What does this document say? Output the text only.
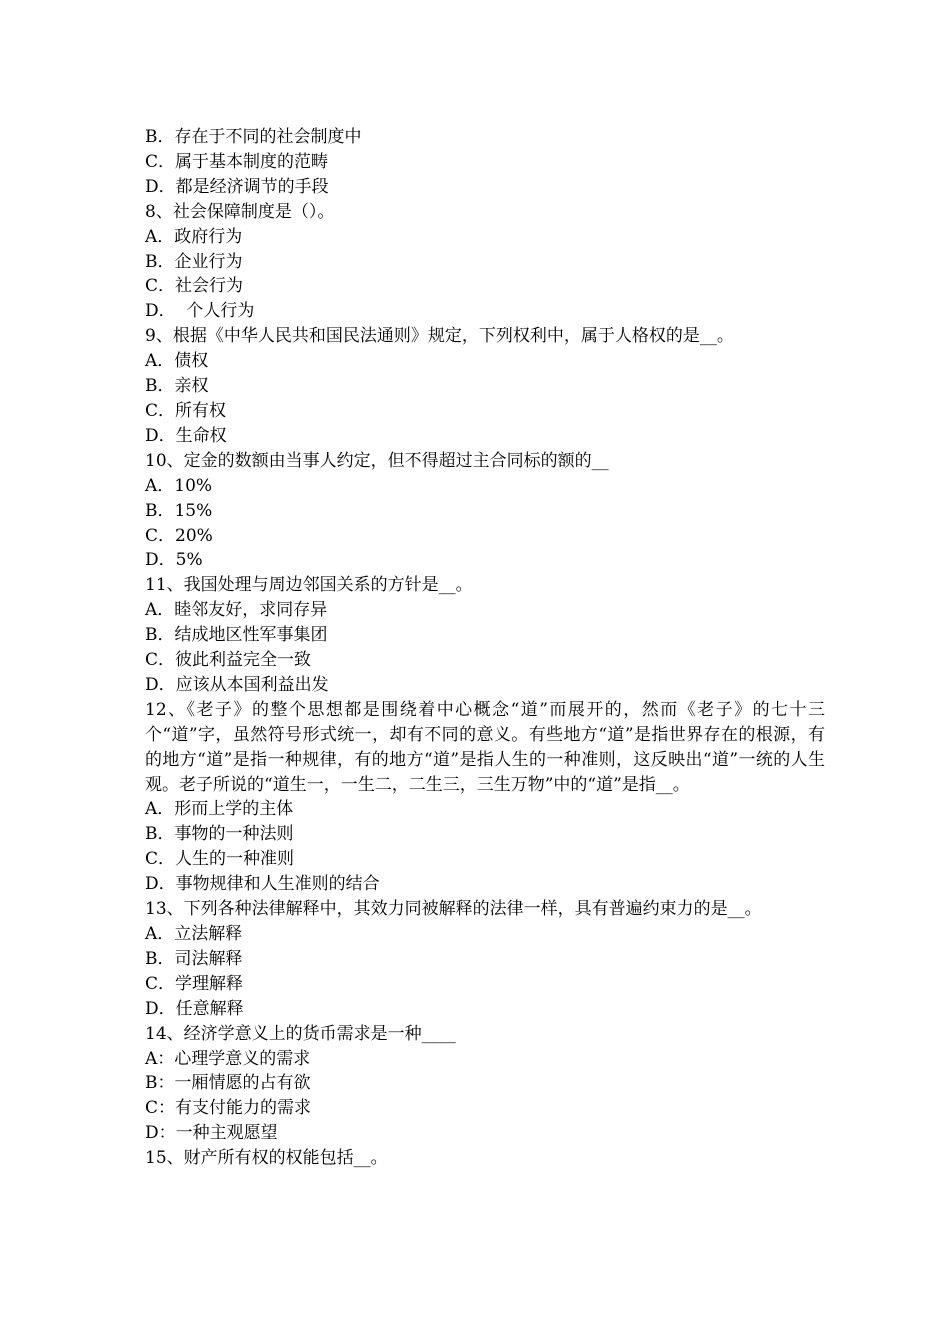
B．存在于不同的社会制度中

C．属于基本制度的范畴

D．都是经济调节的手段

8、社会保障制度是（）。

A．政府行为

B．企业行为

C．社会行为

D．  个人行为

9、根据《中华人民共和国民法通则》规定，下列权利中，属于人格权的是__。

A．债权

B．亲权

C．所有权

D．生命权

10、定金的数额由当事人约定，但不得超过主合同标的额的__

A．10%

B．15%

C．20%

D．5%

11、我国处理与周边邻国关系的方针是__。

A．睦邻友好，求同存异

B．结成地区性军事集团

C．彼此利益完全一致

D．应该从本国利益出发

12、《老子》的整个思想都是围绕着中心概念“道”而展开的，然而《老子》的七十三个“道”字，虽然符号形式统一，却有不同的意义。有些地方“道”是指世界存在的根源，有的地方“道”是指一种规律，有的地方“道”是指人生的一种准则，这反映出“道”一统的人生观。老子所说的“道生一，一生二，二生三，三生万物”中的“道”是指__。

A．形而上学的主体

B．事物的一种法则

C．人生的一种准则

D．事物规律和人生准则的结合

13、下列各种法律解释中，其效力同被解释的法律一样，具有普遍约束力的是__。

A．立法解释

B．司法解释

C．学理解释

D．任意解释

14、经济学意义上的货币需求是一种____

A：心理学意义的需求

B：一厢情愿的占有欲

C：有支付能力的需求

D：一种主观愿望

15、财产所有权的权能包括__。
